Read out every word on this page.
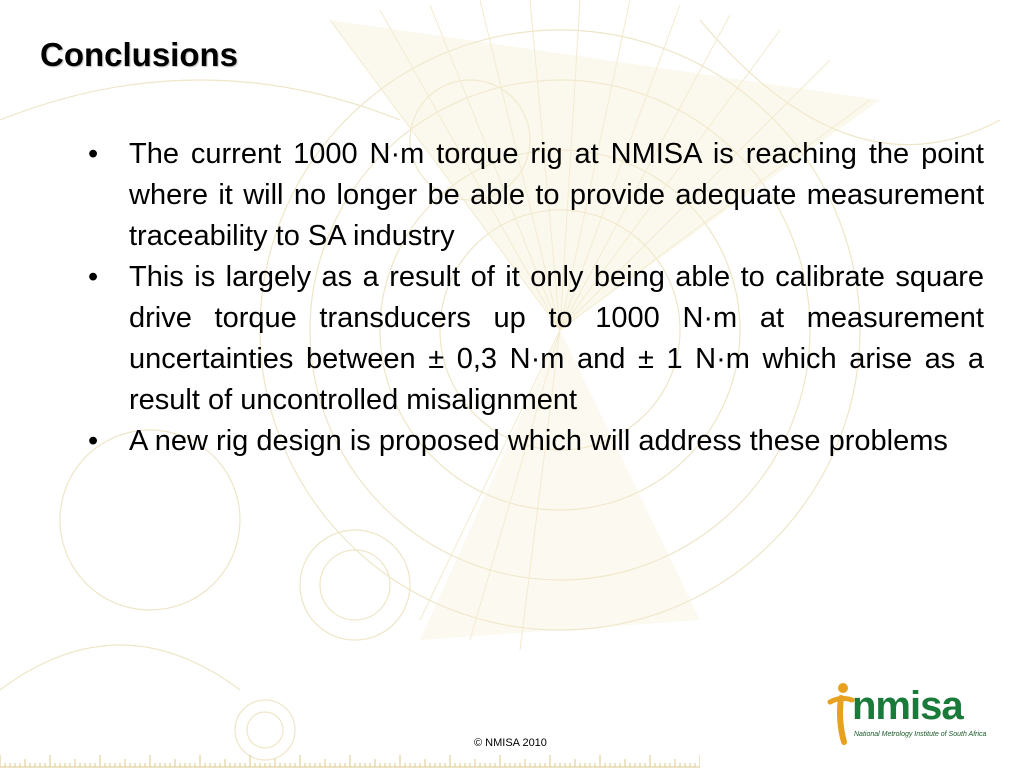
Conclusions
• The current 1000 N·m torque rig at NMISA is reaching the point where it will no longer be able to provide adequate measurement traceability to SA industry
• This is largely as a result of it only being able to calibrate square drive torque transducers up to 1000 N·m at measurement uncertainties between ± 0,3 N·m and ± 1 N·m which arise as a result of uncontrolled misalignment
• A new rig design is proposed which will address these problems
© NMISA 2010
nmisa
National Metrology Institute of South Africa
